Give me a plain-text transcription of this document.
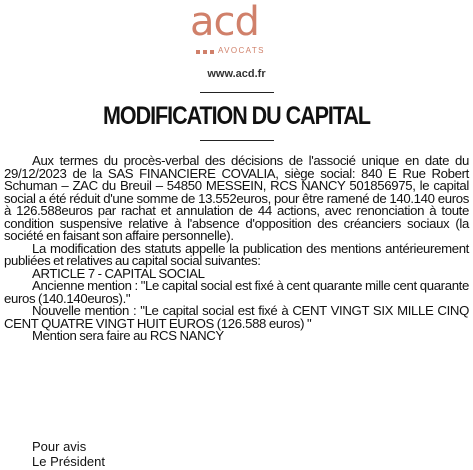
acd
AVOCATS
www.acd.fr
MODIFICATION DU CAPITAL

Aux termes du procès-verbal des décisions de l'associé unique en date du 29/12/2023 de la SAS FINANCIERE COVALIA, siège social: 840 E Rue Robert Schuman – ZAC du Breuil – 54850 MESSEIN, RCS NANCY 501856975, le capital social a été réduit d'une somme de 13.552euros, pour être ramené de 140.140 euros à 126.588euros par rachat et annulation de 44 actions, avec renonciation à toute condition suspensive relative à l'absence d'opposition des créanciers sociaux (la société en faisant son affaire personnelle).

La modification des statuts appelle la publication des mentions antérieurement publiées et relatives au capital social suivantes:

ARTICLE 7 - CAPITAL SOCIAL

Ancienne mention : "Le capital social est fixé à cent quarante mille cent quarante euros (140.140euros)."

Nouvelle mention : "Le capital social est fixé à CENT VINGT SIX MILLE CINQ CENT QUATRE VINGT HUIT EUROS (126.588 euros) "

Mention sera faire au RCS NANCY

Pour avis
Le Président
